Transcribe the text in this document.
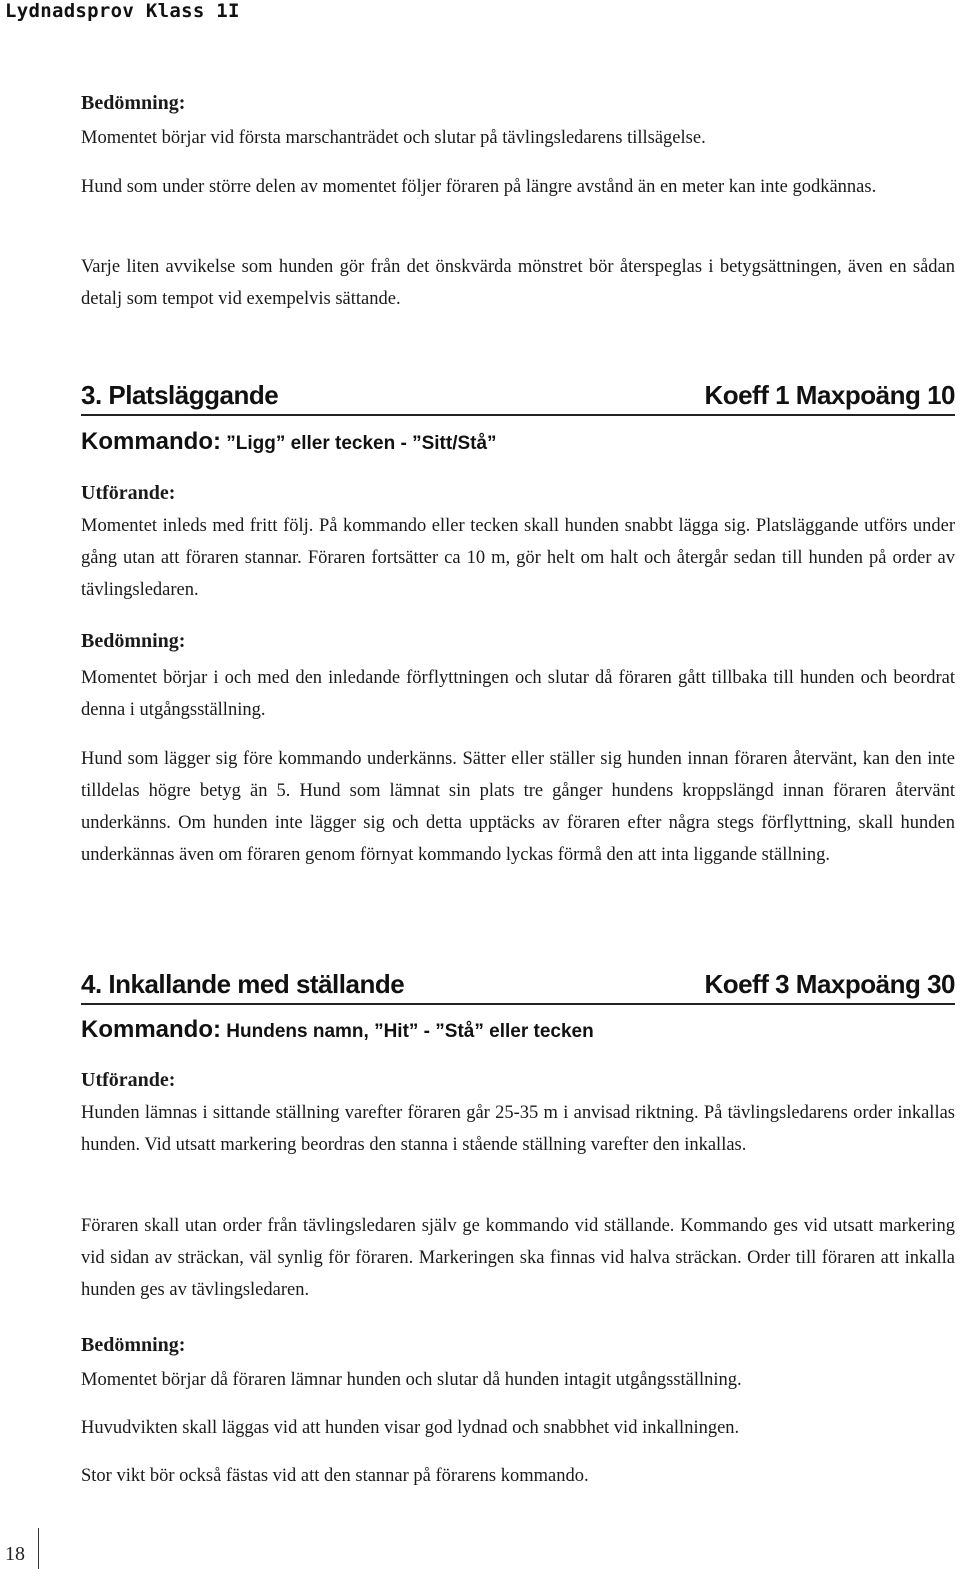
Lydnadsprov Klass 1I
Bedömning:

Momentet börjar vid första marschanträdet och slutar på tävlingsledarens tillsägelse.

Hund som under större delen av momentet följer föraren på längre avstånd än en meter kan inte godkännas.

Varje liten avvikelse som hunden gör från det önskvärda mönstret bör återspeglas i betygsättningen, även en sådan detalj som tempot vid exempelvis sättande.

3. Platsläggande	Koeff 1 Maxpoäng 10
Kommando: ”Ligg” eller tecken - ”Sitt/Stå”
Utförande:

Momentet inleds med fritt följ. På kommando eller tecken skall hunden snabbt lägga sig. Platsläggande utförs under gång utan att föraren stannar. Föraren fortsätter ca 10 m, gör helt om halt och återgår sedan till hunden på order av tävlingsledaren.

Bedömning:

Momentet börjar i och med den inledande förflyttningen och slutar då föraren gått tillbaka till hunden och beordrat denna i utgångsställning.

Hund som lägger sig före kommando underkänns. Sätter eller ställer sig hunden innan föraren återvänt, kan den inte tilldelas högre betyg än 5. Hund som lämnat sin plats tre gånger hundens kroppslängd innan föraren återvänt underkänns. Om hunden inte lägger sig och detta upptäcks av föraren efter några stegs förflyttning, skall hunden underkännas även om föraren genom förnyat kommando lyckas förmå den att inta liggande ställning.

4. Inkallande med ställande	Koeff 3 Maxpoäng 30
Kommando: Hundens namn, ”Hit” - ”Stå” eller tecken
Utförande:

Hunden lämnas i sittande ställning varefter föraren går 25-35 m i anvisad riktning. På tävlingsledarens order inkallas hunden. Vid utsatt markering beordras den stanna i stående ställning varefter den inkallas.

Föraren skall utan order från tävlingsledaren själv ge kommando vid ställande. Kommando ges vid utsatt markering vid sidan av sträckan, väl synlig för föraren. Markeringen ska finnas vid halva sträckan. Order till föraren att inkalla hunden ges av tävlingsledaren.

Bedömning:

Momentet börjar då föraren lämnar hunden och slutar då hunden intagit utgångsställning.

Huvudvikten skall läggas vid att hunden visar god lydnad och snabbhet vid inkallningen.

Stor vikt bör också fästas vid att den stannar på förarens kommando.

18
